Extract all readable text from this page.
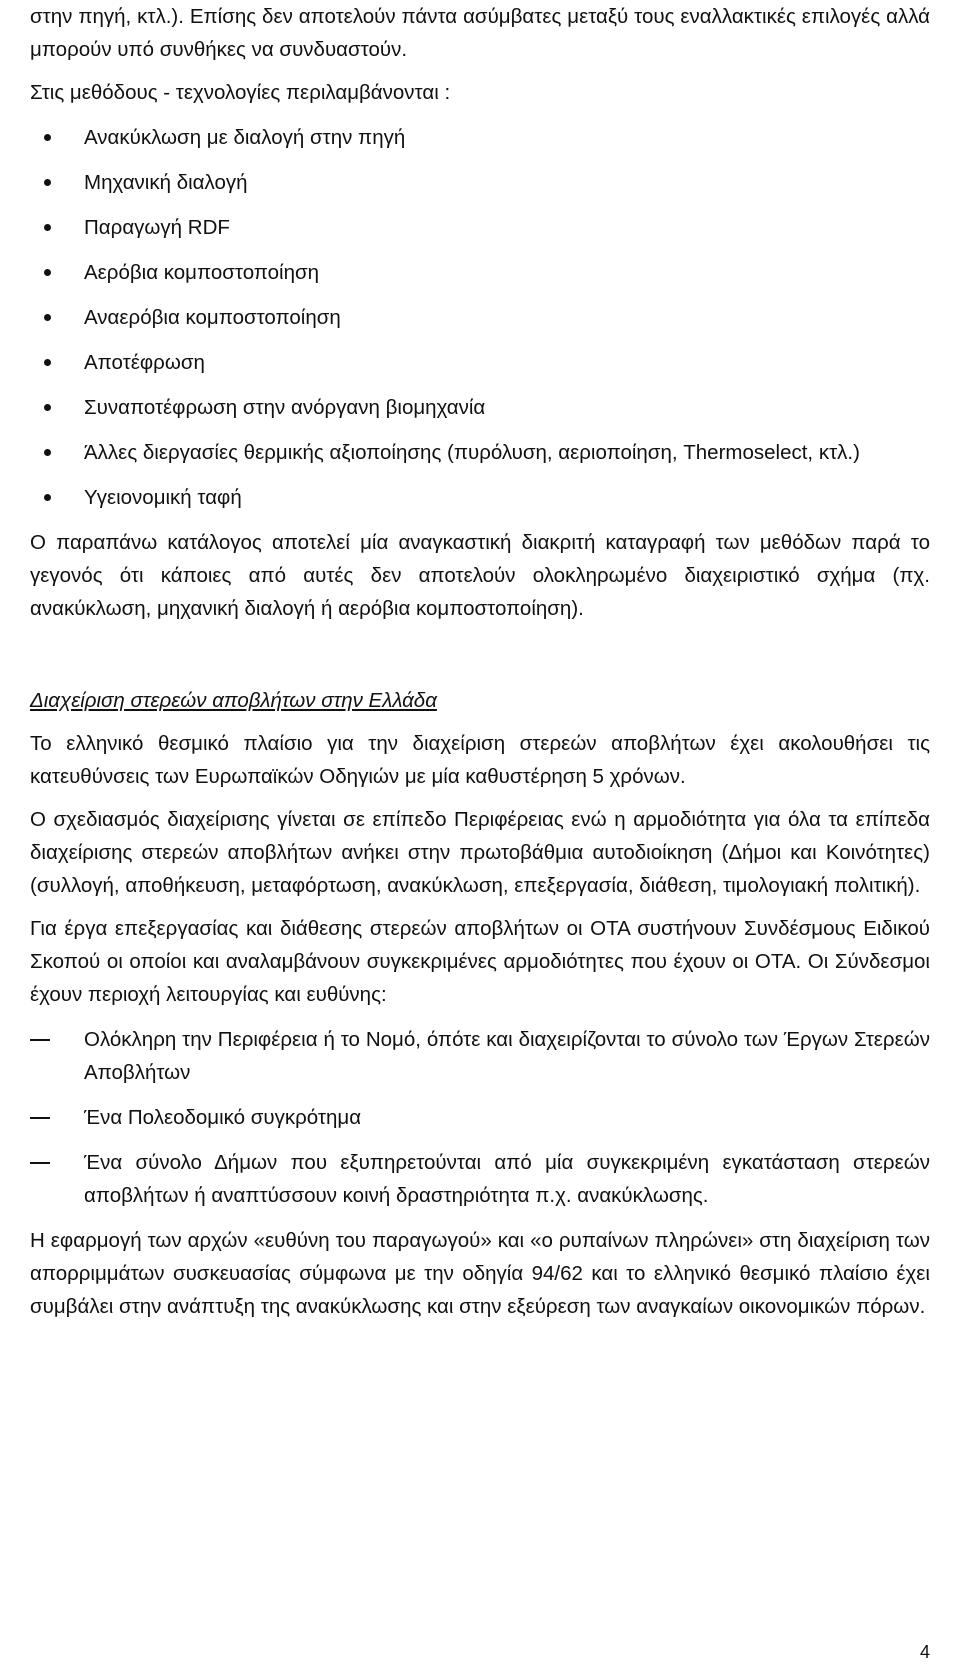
στην πηγή, κτλ.). Επίσης δεν αποτελούν πάντα ασύμβατες μεταξύ τους εναλλακτικές επιλογές αλλά μπορούν υπό συνθήκες να συνδυαστούν.

Στις μεθόδους - τεχνολογίες περιλαμβάνονται :

Ανακύκλωση με διαλογή στην πηγή
Μηχανική διαλογή
Παραγωγή RDF
Αερόβια κομποστοποίηση
Αναερόβια κομποστοποίηση
Αποτέφρωση
Συναποτέφρωση στην ανόργανη βιομηχανία
Άλλες διεργασίες θερμικής αξιοποίησης (πυρόλυση, αεριοποίηση, Thermoselect, κτλ.)
Υγειονομική ταφή

Ο παραπάνω κατάλογος αποτελεί μία αναγκαστική διακριτή καταγραφή των μεθόδων παρά το γεγονός ότι κάποιες από αυτές δεν αποτελούν ολοκληρωμένο διαχειριστικό σχήμα (πχ. ανακύκλωση, μηχανική διαλογή ή αερόβια κομποστοποίηση).

Διαχείριση στερεών αποβλήτων στην Ελλάδα

Το ελληνικό θεσμικό πλαίσιο για την διαχείριση στερεών αποβλήτων έχει ακολουθήσει τις κατευθύνσεις των Ευρωπαϊκών Οδηγιών με μία καθυστέρηση 5 χρόνων.

Ο σχεδιασμός διαχείρισης γίνεται σε επίπεδο Περιφέρειας ενώ η αρμοδιότητα για όλα τα επίπεδα διαχείρισης στερεών αποβλήτων ανήκει στην πρωτοβάθμια αυτοδιοίκηση (Δήμοι και Κοινότητες) (συλλογή, αποθήκευση, μεταφόρτωση, ανακύκλωση, επεξεργασία, διάθεση, τιμολογιακή πολιτική).

Για έργα επεξεργασίας και διάθεσης στερεών αποβλήτων οι ΟΤΑ συστήνουν Συνδέσμους Ειδικού Σκοπού οι οποίοι και αναλαμβάνουν συγκεκριμένες αρμοδιότητες που έχουν οι ΟΤΑ. Οι Σύνδεσμοι έχουν περιοχή λειτουργίας και ευθύνης:

Ολόκληρη την Περιφέρεια ή το Νομό, όπότε και διαχειρίζονται το σύνολο των Έργων Στερεών Αποβλήτων
Ένα Πολεοδομικό συγκρότημα
Ένα σύνολο Δήμων που εξυπηρετούνται από μία συγκεκριμένη εγκατάσταση στερεών αποβλήτων ή αναπτύσσουν κοινή δραστηριότητα π.χ. ανακύκλωσης.

Η εφαρμογή των αρχών «ευθύνη του παραγωγού» και «ο ρυπαίνων πληρώνει» στη διαχείριση των απορριμμάτων συσκευασίας σύμφωνα με την οδηγία 94/62 και το ελληνικό θεσμικό πλαίσιο έχει συμβάλει στην ανάπτυξη της ανακύκλωσης και στην εξεύρεση των αναγκαίων οικονομικών πόρων.

4
